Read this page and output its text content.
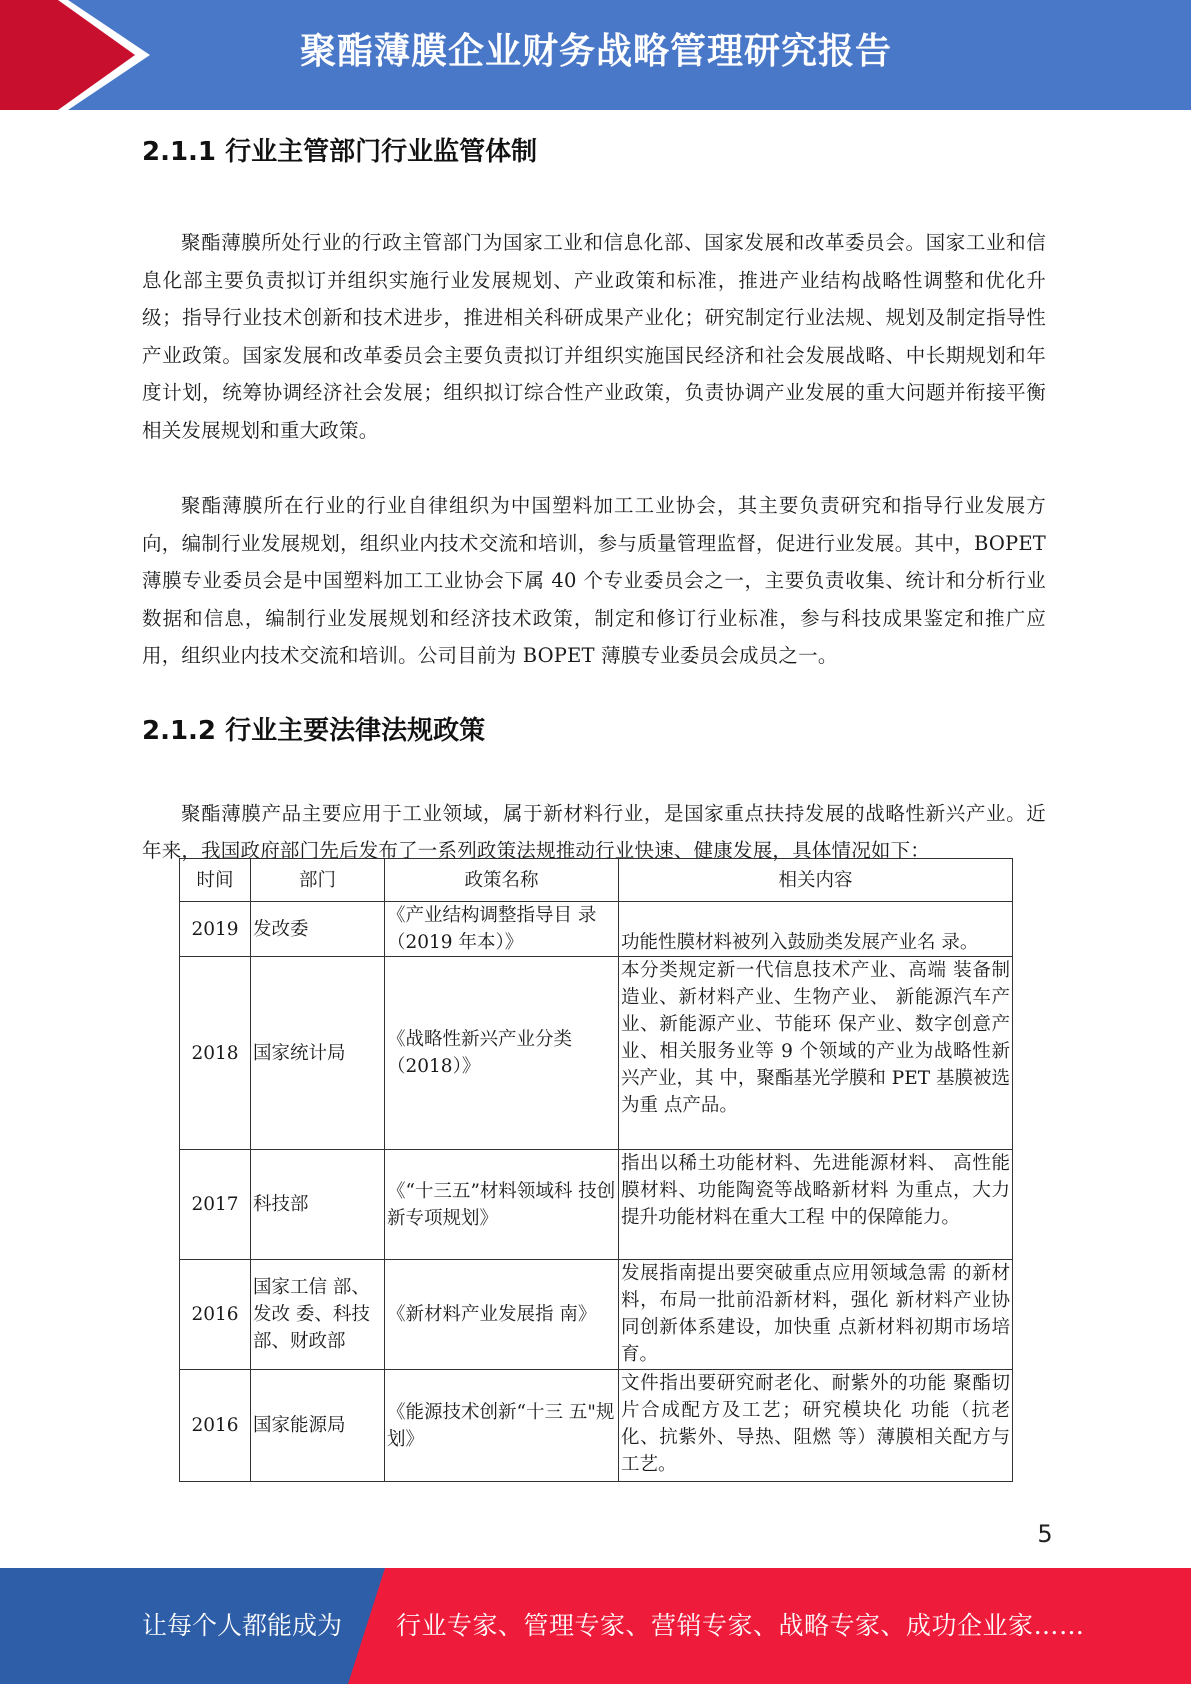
聚酯薄膜企业财务战略管理研究报告
2.1.1 行业主管部门行业监管体制

聚酯薄膜所处行业的行政主管部门为国家工业和信息化部、国家发展和改革委员会。国家工业和信息化部主要负责拟订并组织实施行业发展规划、产业政策和标准，推进产业结构战略性调整和优化升级；指导行业技术创新和技术进步，推进相关科研成果产业化；研究制定行业法规、规划及制定指导性产业政策。国家发展和改革委员会主要负责拟订并组织实施国民经济和社会发展战略、中长期规划和年度计划，统筹协调经济社会发展；组织拟订综合性产业政策，负责协调产业发展的重大问题并衔接平衡相关发展规划和重大政策。

聚酯薄膜所在行业的行业自律组织为中国塑料加工工业协会，其主要负责研究和指导行业发展方向，编制行业发展规划，组织业内技术交流和培训，参与质量管理监督，促进行业发展。其中，BOPET 薄膜专业委员会是中国塑料加工工业协会下属 40 个专业委员会之一，主要负责收集、统计和分析行业数据和信息，编制行业发展规划和经济技术政策，制定和修订行业标准，参与科技成果鉴定和推广应用，组织业内技术交流和培训。公司目前为 BOPET 薄膜专业委员会成员之一。

2.1.2 行业主要法律法规政策

聚酯薄膜产品主要应用于工业领域，属于新材料行业，是国家重点扶持发展的战略性新兴产业。近年来，我国政府部门先后发布了一系列政策法规推动行业快速、健康发展，具体情况如下：

时间	部门	政策名称	相关内容
2019	发改委	《产业结构调整指导目 录（2019 年本）》	功能性膜材料被列入鼓励类发展产业名 录。
2018	国家统计局	《战略性新兴产业分类（2018）》	本分类规定新一代信息技术产业、高端 装备制造业、新材料产业、生物产业、 新能源汽车产业、新能源产业、节能环 保产业、数字创意产业、相关服务业等 9 个领域的产业为战略性新兴产业，其 中，聚酯基光学膜和 PET 基膜被选为重 点产品。
2017	科技部	《“十三五”材料领域科 技创新专项规划》	指出以稀土功能材料、先进能源材料、 高性能膜材料、功能陶瓷等战略新材料 为重点，大力提升功能材料在重大工程 中的保障能力。
2016	国家工信 部、发改 委、科技部、财政部	《新材料产业发展指 南》	发展指南提出要突破重点应用领域急需 的新材料，布局一批前沿新材料，强化 新材料产业协同创新体系建设，加快重 点新材料初期市场培育。
2016	国家能源局	《能源技术创新“十三 五"规划》	文件指出要研究耐老化、耐紫外的功能 聚酯切片合成配方及工艺；研究模块化 功能（抗老化、抗紫外、导热、阻燃 等）薄膜相关配方与工艺。
5
让每个人都能成为 行业专家、管理专家、营销专家、战略专家、成功企业家……
